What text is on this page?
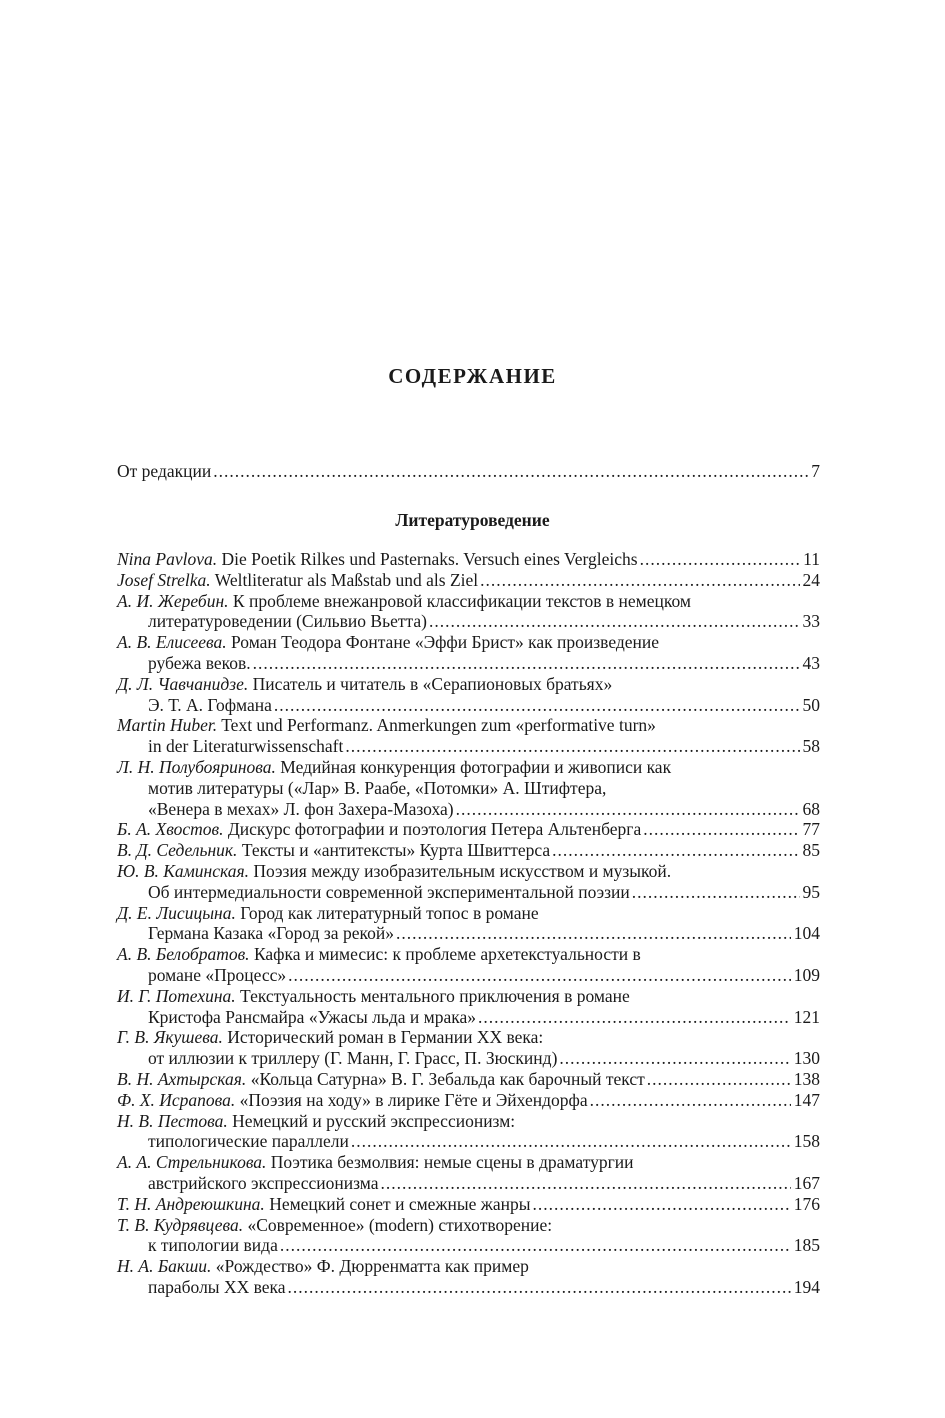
СОДЕРЖАНИЕ
От редакции .....	7
Литературоведение
Nina Pavlova. Die Poetik Rilkes und Pasternaks. Versuch eines Vergleichs .....	11
Josef Strelka. Weltliteratur als Maßstab und als Ziel .....	24
А. И. Жеребин. К проблеме внежанровой классификации текстов в немецком
литературоведении (Сильвио Вьетта) .....	33
А. В. Елисеева. Роман Теодора Фонтане «Эффи Брист» как произведение
рубежа веков. .....	43
Д. Л. Чавчанидзе. Писатель и читатель в «Серапионовых братьях»
Э. Т. А. Гофмана .....	50
Martin Huber. Text und Performanz. Anmerkungen zum «performative turn»
in der Literaturwissenschaft .....	58
Л. Н. Полубояринова. Медийная конкуренция фотографии и живописи как
мотив литературы («Лар» В. Раабе, «Потомки» А. Штифтера,
«Венера в мехах» Л. фон Захера-Мазоха) .....	68
Б. А. Хвостов. Дискурс фотографии и поэтология Петера Альтенберга .....	77
В. Д. Седельник. Тексты и «антитексты» Курта Швиттерса .....	85
Ю. В. Каминская. Поэзия между изобразительным искусством и музыкой.
Об интермедиальности современной экспериментальной поэзии .....	95
Д. Е. Лисицына. Город как литературный топос в романе
Германа Казака «Город за рекой» .....	104
А. В. Белобратов. Кафка и мимесис: к проблеме архетекстуальности в
романе «Процесс» .....	109
И. Г. Потехина. Текстуальность ментального приключения в романе
Кристофа Рансмайра «Ужасы льда и мрака» .....	121
Г. В. Якушева. Исторический роман в Германии XX века:
от иллюзии к триллеру (Г. Манн, Г. Грасс, П. Зюскинд) .....	130
В. Н. Ахтырская. «Кольца Сатурна» В. Г. Зебальда как барочный текст .....	138
Ф. Х. Исрапова. «Поэзия на ходу» в лирике Гёте и Эйхендорфа .....	147
Н. В. Пестова. Немецкий и русский экспрессионизм:
типологические параллели .....	158
А. А. Стрельникова. Поэтика безмолвия: немые сцены в драматургии
австрийского экспрессионизма .....	167
Т. Н. Андреюшкина. Немецкий сонет и смежные жанры .....	176
Т. В. Кудрявцева. «Современное» (modern) стихотворение:
к типологии вида .....	185
Н. А. Бакши. «Рождество» Ф. Дюрренматта как пример
параболы XX века .....	194
